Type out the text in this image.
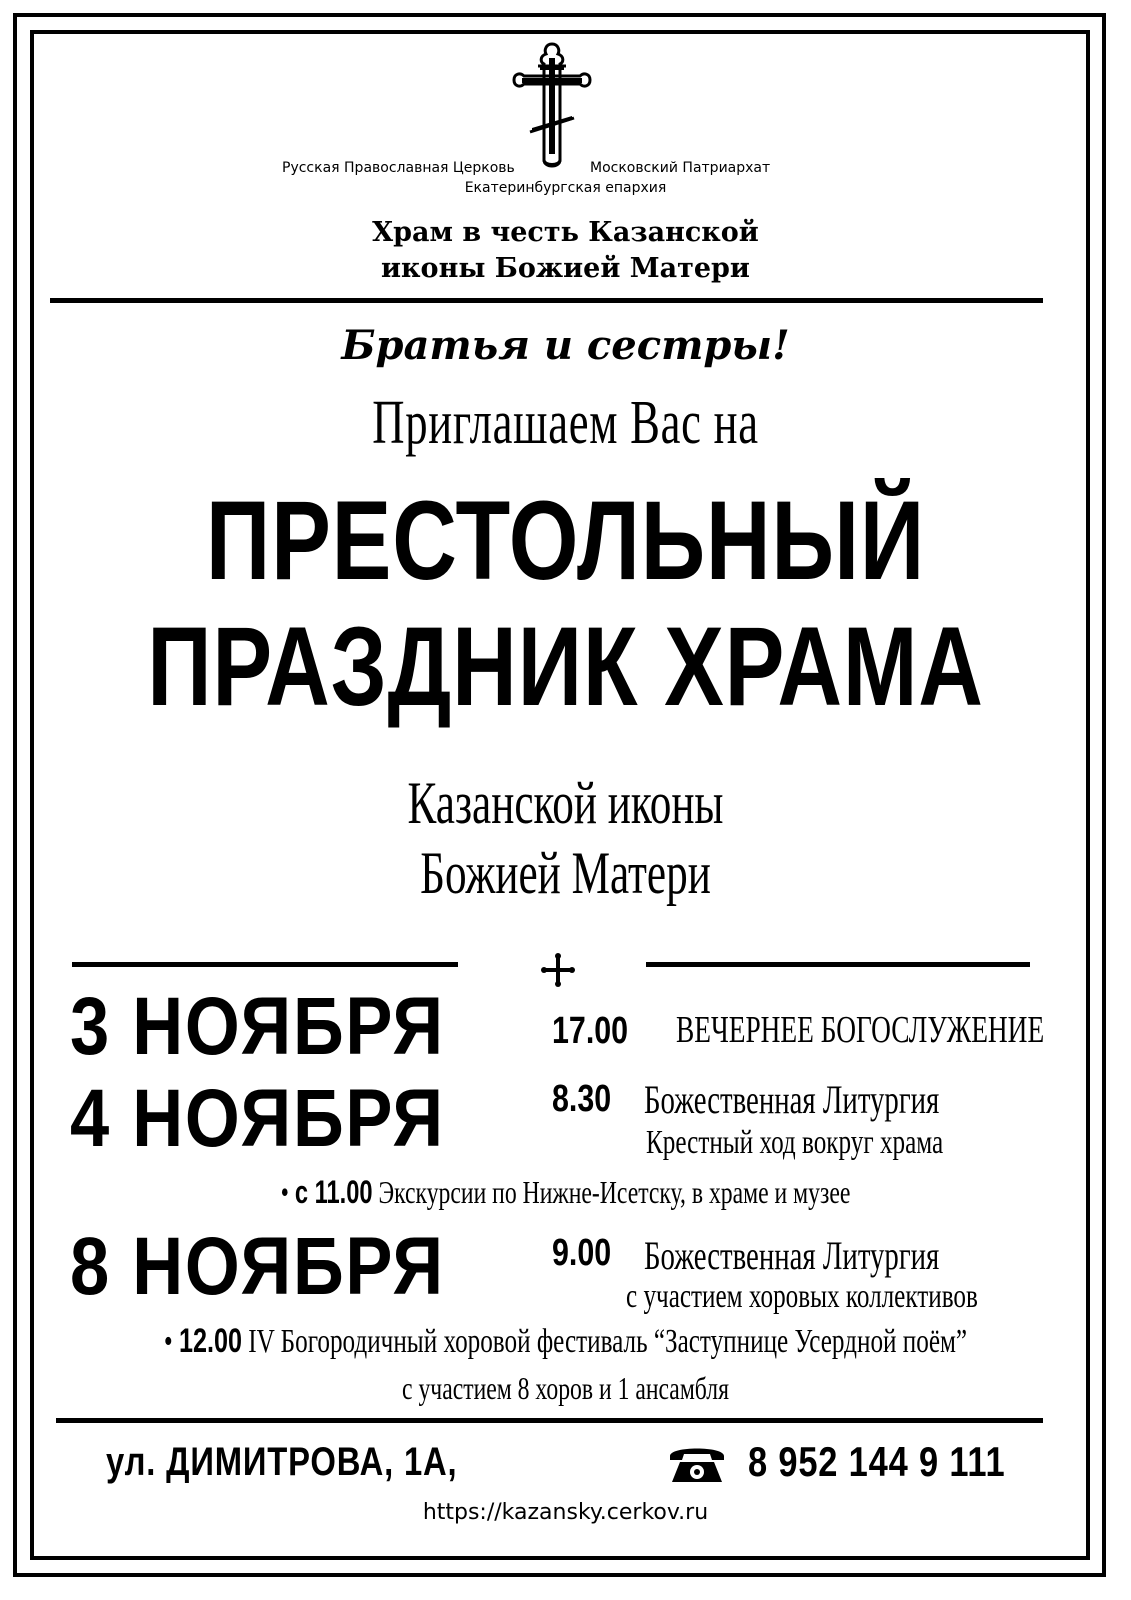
Русская Православная Церковь	Московский Патриархат
Екатеринбургская епархия
Храм в честь Казанской
иконы Божией Матери
Братья и сестры!
Приглашаем Вас на
ПРЕСТОЛЬНЫЙ
ПРАЗДНИК ХРАМА
Казанской иконы
Божией Матери
3 НОЯБРЯ	17.00 ВЕЧЕРНЕЕ БОГОСЛУЖЕНИЕ
4 НОЯБРЯ	8.30 Божественная Литургия
Крестный ход вокруг храма
• с 11.00 Экскурсии по Нижне-Исетску, в храме и музее
8 НОЯБРЯ	9.00 Божественная Литургия
с участием хоровых коллективов
• 12.00 IV Богородичный хоровой фестиваль “Заступнице Усердной поём”
с участием 8 хоров и 1 ансамбля
ул. ДИМИТРОВА, 1А,	8 952 144 9 111
https://kazansky.cerkov.ru
